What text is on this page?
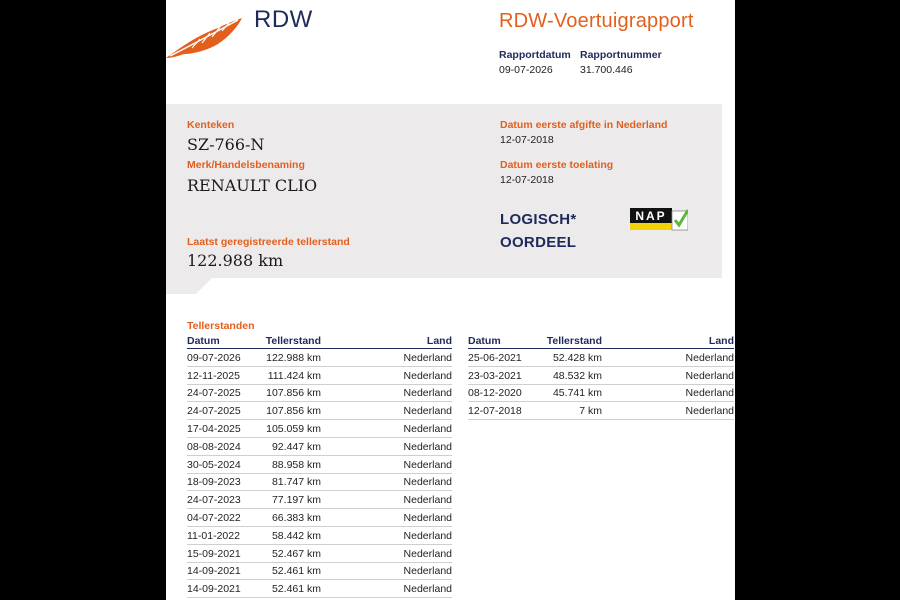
RDW	RDW-Voertuigrapport
Rapportdatum
09-07-2026
Rapportnummer
31.700.446
Kenteken
SZ-766-N
Merk/Handelsbenaming
RENAULT CLIO
Laatst geregistreerde tellerstand
122.988 km
Datum eerste afgifte in Nederland
12-07-2018
Datum eerste toelating
12-07-2018
LOGISCH*
OORDEEL
NAP
Tellerstanden
Datum	Tellerstand	Land
09-07-2026	122.988 km	Nederland
12-11-2025	111.424 km	Nederland
24-07-2025	107.856 km	Nederland
24-07-2025	107.856 km	Nederland
17-04-2025	105.059 km	Nederland
08-08-2024	92.447 km	Nederland
30-05-2024	88.958 km	Nederland
18-09-2023	81.747 km	Nederland
24-07-2023	77.197 km	Nederland
04-07-2022	66.383 km	Nederland
11-01-2022	58.442 km	Nederland
15-09-2021	52.467 km	Nederland
14-09-2021	52.461 km	Nederland
14-09-2021	52.461 km	Nederland
Datum	Tellerstand	Land
25-06-2021	52.428 km	Nederland
23-03-2021	48.532 km	Nederland
08-12-2020	45.741 km	Nederland
12-07-2018	7 km	Nederland
